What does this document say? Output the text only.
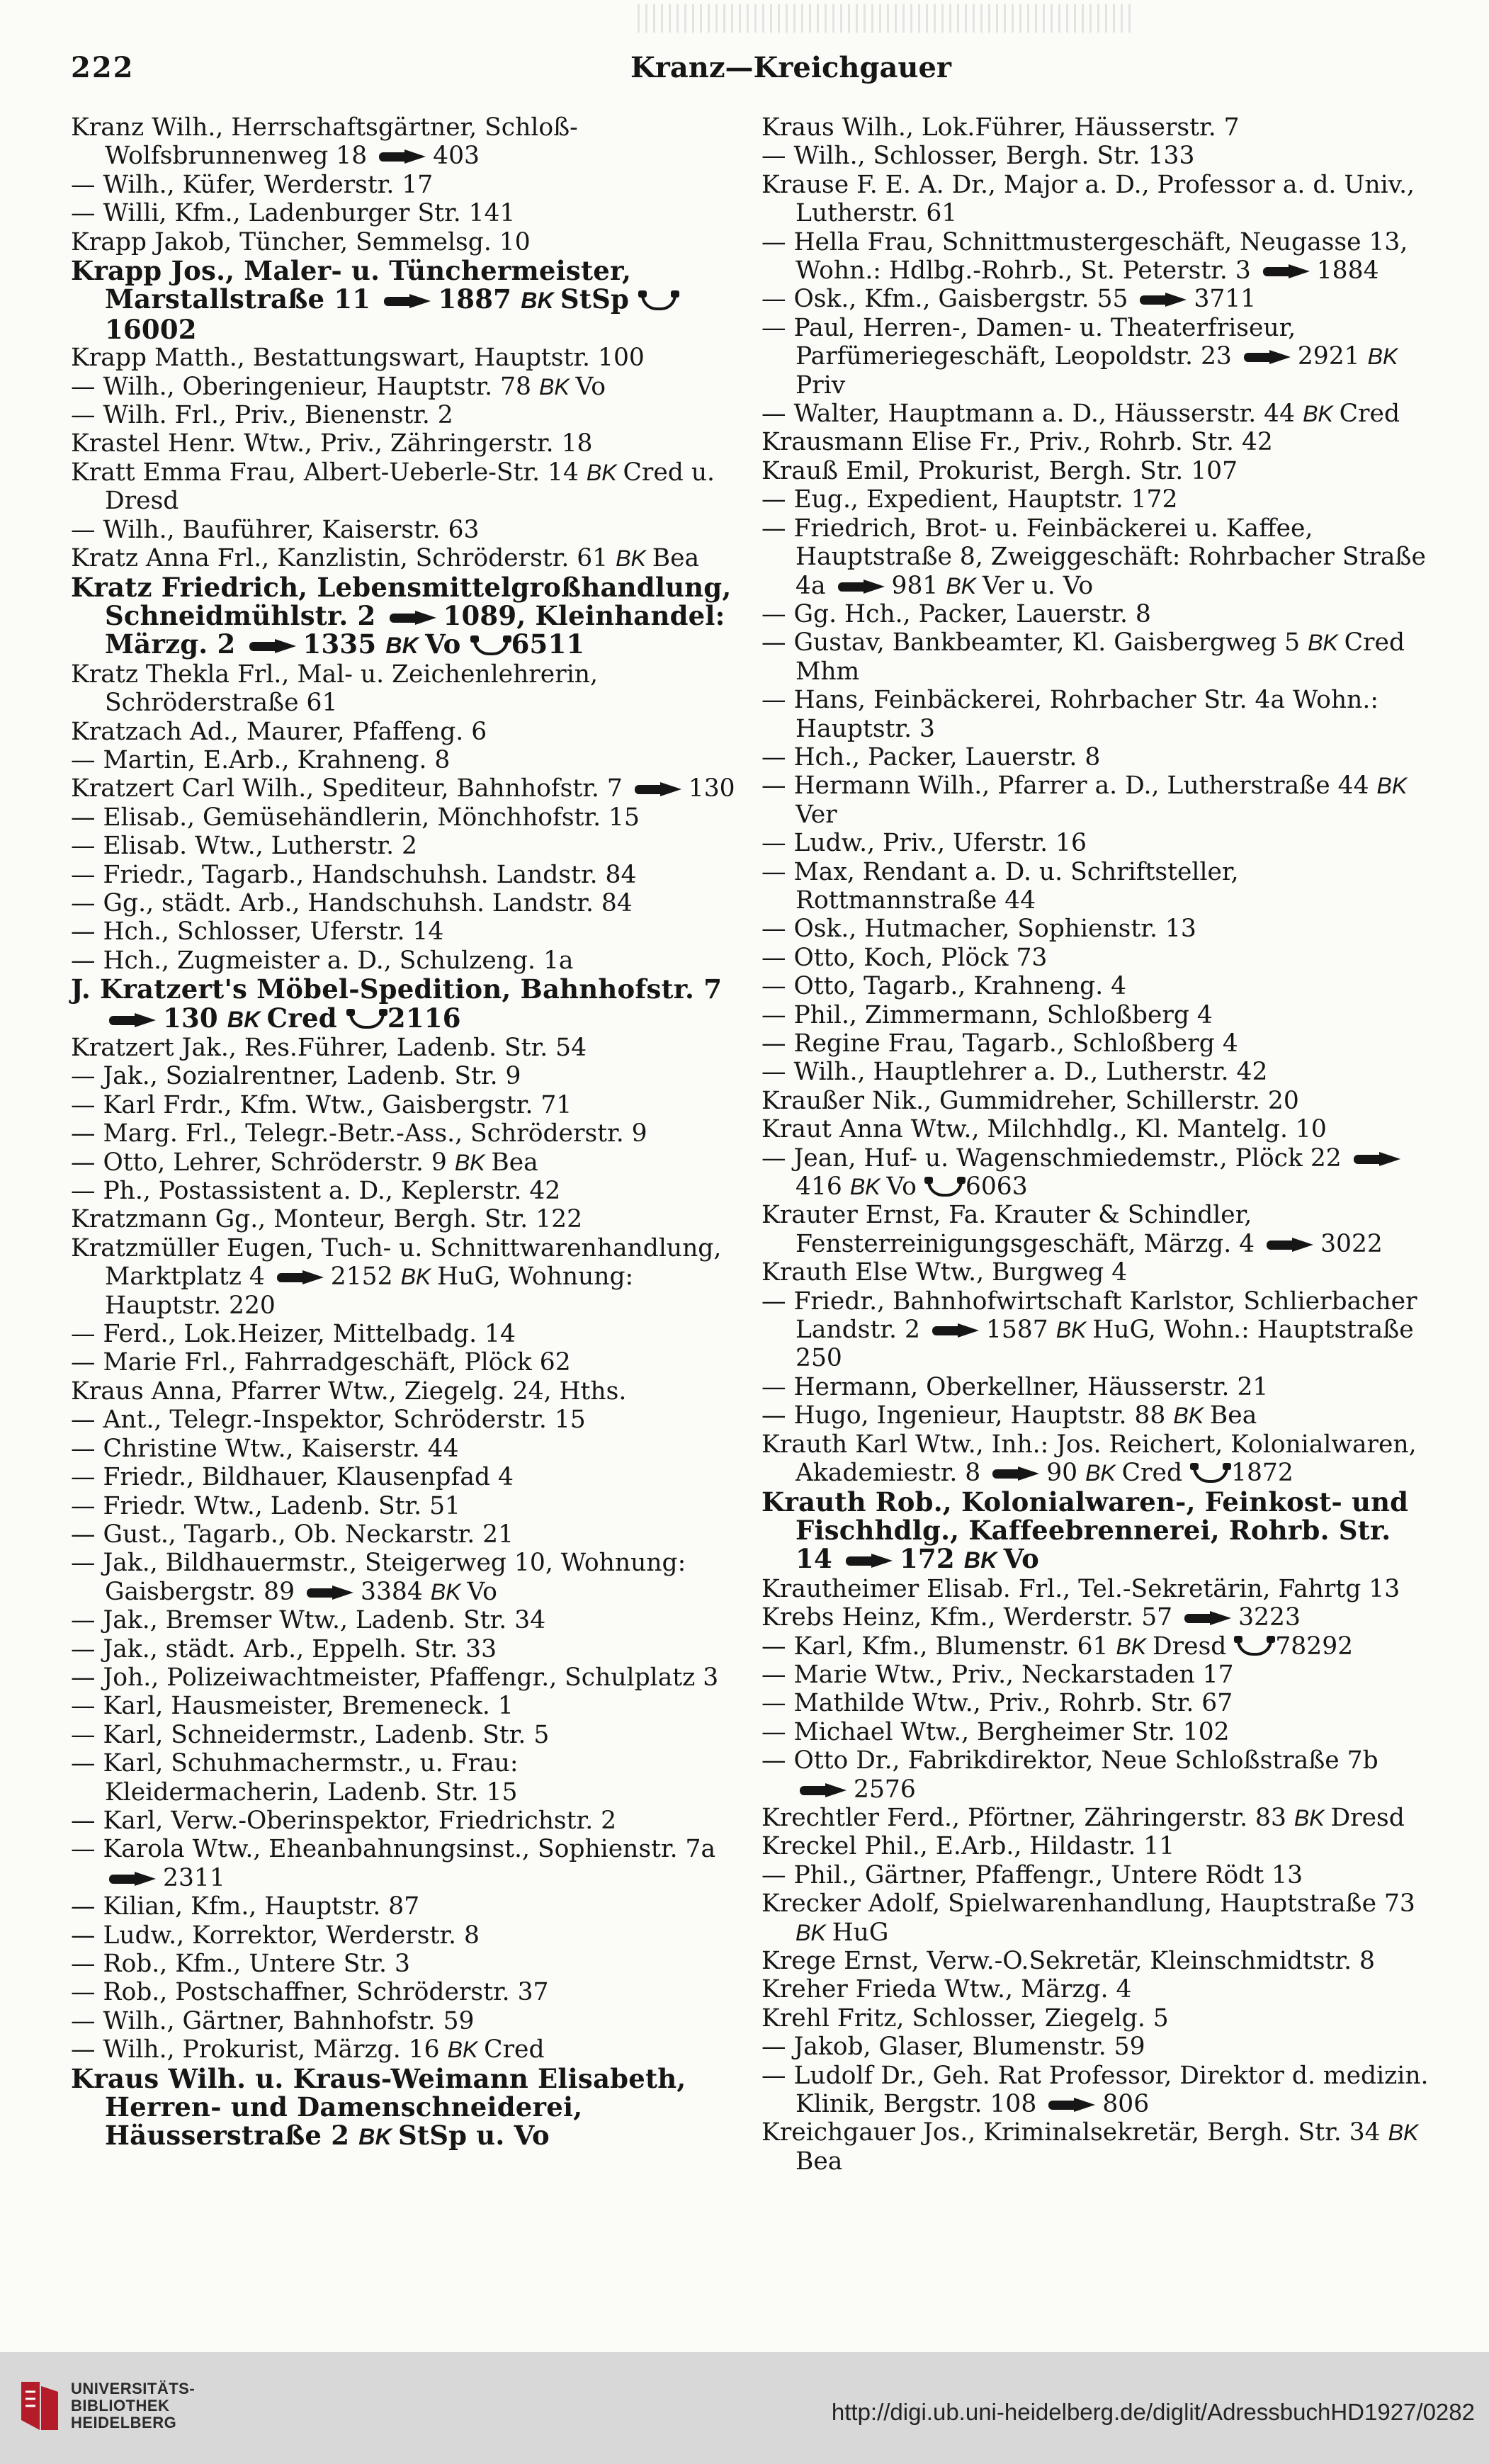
222	Kranz—Kreichgauer

Kranz Wilh., Herrschaftsgärtner, Schloß-Wolfsbrunnenweg 18 403

— Wilh., Küfer, Werderstr. 17

— Willi, Kfm., Ladenburger Str. 141

Krapp Jakob, Tüncher, Semmelsg. 10

Krapp Jos., Maler- u. Tünchermeister, Marstallstraße 11 1887 BK StSp 16002

Krapp Matth., Bestattungswart, Hauptstr. 100

— Wilh., Oberingenieur, Hauptstr. 78 BK Vo

— Wilh. Frl., Priv., Bienenstr. 2

Krastel Henr. Wtw., Priv., Zähringerstr. 18

Kratt Emma Frau, Albert-Ueberle-Str. 14 BK Cred u. Dresd

— Wilh., Bauführer, Kaiserstr. 63

Kratz Anna Frl., Kanzlistin, Schröderstr. 61 BK Bea

Kratz Friedrich, Lebensmittelgroßhandlung, Schneidmühlstr. 2 1089, Kleinhandel: Märzg. 2 1335 BK Vo 6511

Kratz Thekla Frl., Mal- u. Zeichenlehrerin, Schröderstraße 61

Kratzach Ad., Maurer, Pfaffeng. 6

— Martin, E.Arb., Krahneng. 8

Kratzert Carl Wilh., Spediteur, Bahnhofstr. 7 130

— Elisab., Gemüsehändlerin, Mönchhofstr. 15

— Elisab. Wtw., Lutherstr. 2

— Friedr., Tagarb., Handschuhsh. Landstr. 84

— Gg., städt. Arb., Handschuhsh. Landstr. 84

— Hch., Schlosser, Uferstr. 14

— Hch., Zugmeister a. D., Schulzeng. 1a

J. Kratzert's Möbel-Spedition, Bahnhofstr. 7 130 BK Cred 2116

Kratzert Jak., Res.Führer, Ladenb. Str. 54

— Jak., Sozialrentner, Ladenb. Str. 9

— Karl Frdr., Kfm. Wtw., Gaisbergstr. 71

— Marg. Frl., Telegr.-Betr.-Ass., Schröderstr. 9

— Otto, Lehrer, Schröderstr. 9 BK Bea

— Ph., Postassistent a. D., Keplerstr. 42

Kratzmann Gg., Monteur, Bergh. Str. 122

Kratzmüller Eugen, Tuch- u. Schnittwarenhandlung, Marktplatz 4 2152 BK HuG, Wohnung: Hauptstr. 220

— Ferd., Lok.Heizer, Mittelbadg. 14

— Marie Frl., Fahrradgeschäft, Plöck 62

Kraus Anna, Pfarrer Wtw., Ziegelg. 24, Hths.

— Ant., Telegr.-Inspektor, Schröderstr. 15

— Christine Wtw., Kaiserstr. 44

— Friedr., Bildhauer, Klausenpfad 4

— Friedr. Wtw., Ladenb. Str. 51

— Gust., Tagarb., Ob. Neckarstr. 21

— Jak., Bildhauermstr., Steigerweg 10, Wohnung: Gaisbergstr. 89 3384 BK Vo

— Jak., Bremser Wtw., Ladenb. Str. 34

— Jak., städt. Arb., Eppelh. Str. 33

— Joh., Polizeiwachtmeister, Pfaffengr., Schulplatz 3

— Karl, Hausmeister, Bremeneck. 1

— Karl, Schneidermstr., Ladenb. Str. 5

— Karl, Schuhmachermstr., u. Frau: Kleidermacherin, Ladenb. Str. 15

— Karl, Verw.-Oberinspektor, Friedrichstr. 2

— Karola Wtw., Eheanbahnungsinst., Sophienstr. 7a 2311

— Kilian, Kfm., Hauptstr. 87

— Ludw., Korrektor, Werderstr. 8

— Rob., Kfm., Untere Str. 3

— Rob., Postschaffner, Schröderstr. 37

— Wilh., Gärtner, Bahnhofstr. 59

— Wilh., Prokurist, Märzg. 16 BK Cred

Kraus Wilh. u. Kraus-Weimann Elisabeth, Herren- und Damenschneiderei, Häusserstraße 2 BK StSp u. Vo

Kraus Wilh., Lok.Führer, Häusserstr. 7

— Wilh., Schlosser, Bergh. Str. 133

Krause F. E. A. Dr., Major a. D., Professor a. d. Univ., Lutherstr. 61

— Hella Frau, Schnittmustergeschäft, Neugasse 13, Wohn.: Hdlbg.-Rohrb., St. Peterstr. 3 1884

— Osk., Kfm., Gaisbergstr. 55 3711

— Paul, Herren-, Damen- u. Theaterfriseur, Parfümeriegeschäft, Leopoldstr. 23 2921 BK Priv

— Walter, Hauptmann a. D., Häusserstr. 44 BK Cred

Krausmann Elise Fr., Priv., Rohrb. Str. 42

Krauß Emil, Prokurist, Bergh. Str. 107

— Eug., Expedient, Hauptstr. 172

— Friedrich, Brot- u. Feinbäckerei u. Kaffee, Hauptstraße 8, Zweiggeschäft: Rohrbacher Straße 4a 981 BK Ver u. Vo

— Gg. Hch., Packer, Lauerstr. 8

— Gustav, Bankbeamter, Kl. Gaisbergweg 5 BK Cred Mhm

— Hans, Feinbäckerei, Rohrbacher Str. 4a Wohn.: Hauptstr. 3

— Hch., Packer, Lauerstr. 8

— Hermann Wilh., Pfarrer a. D., Lutherstraße 44 BK Ver

— Ludw., Priv., Uferstr. 16

— Max, Rendant a. D. u. Schriftsteller, Rottmannstraße 44

— Osk., Hutmacher, Sophienstr. 13

— Otto, Koch, Plöck 73

— Otto, Tagarb., Krahneng. 4

— Phil., Zimmermann, Schloßberg 4

— Regine Frau, Tagarb., Schloßberg 4

— Wilh., Hauptlehrer a. D., Lutherstr. 42

Kraußer Nik., Gummidreher, Schillerstr. 20

Kraut Anna Wtw., Milchhdlg., Kl. Mantelg. 10

— Jean, Huf- u. Wagenschmiedemstr., Plöck 22 416 BK Vo 6063

Krauter Ernst, Fa. Krauter & Schindler, Fensterreinigungsgeschäft, Märzg. 4 3022

Krauth Else Wtw., Burgweg 4

— Friedr., Bahnhofwirtschaft Karlstor, Schlierbacher Landstr. 2 1587 BK HuG, Wohn.: Hauptstraße 250

— Hermann, Oberkellner, Häusserstr. 21

— Hugo, Ingenieur, Hauptstr. 88 BK Bea

Krauth Karl Wtw., Inh.: Jos. Reichert, Kolonialwaren, Akademiestr. 8 90 BK Cred 1872

Krauth Rob., Kolonialwaren-, Feinkost- und Fischhdlg., Kaffeebrennerei, Rohrb. Str. 14 172 BK Vo

Krautheimer Elisab. Frl., Tel.-Sekretärin, Fahrtg 13

Krebs Heinz, Kfm., Werderstr. 57 3223

— Karl, Kfm., Blumenstr. 61 BK Dresd 78292

— Marie Wtw., Priv., Neckarstaden 17

— Mathilde Wtw., Priv., Rohrb. Str. 67

— Michael Wtw., Bergheimer Str. 102

— Otto Dr., Fabrikdirektor, Neue Schloßstraße 7b 2576

Krechtler Ferd., Pförtner, Zähringerstr. 83 BK Dresd

Kreckel Phil., E.Arb., Hildastr. 11

— Phil., Gärtner, Pfaffengr., Untere Rödt 13

Krecker Adolf, Spielwarenhandlung, Hauptstraße 73 BK HuG

Krege Ernst, Verw.-O.Sekretär, Kleinschmidtstr. 8

Kreher Frieda Wtw., Märzg. 4

Krehl Fritz, Schlosser, Ziegelg. 5

— Jakob, Glaser, Blumenstr. 59

— Ludolf Dr., Geh. Rat Professor, Direktor d. medizin. Klinik, Bergstr. 108 806

Kreichgauer Jos., Kriminalsekretär, Bergh. Str. 34 BK Bea

UNIVERSITÄTS-
BIBLIOTHEK
HEIDELBERG	http://digi.ub.uni-heidelberg.de/diglit/AdressbuchHD1927/0282
